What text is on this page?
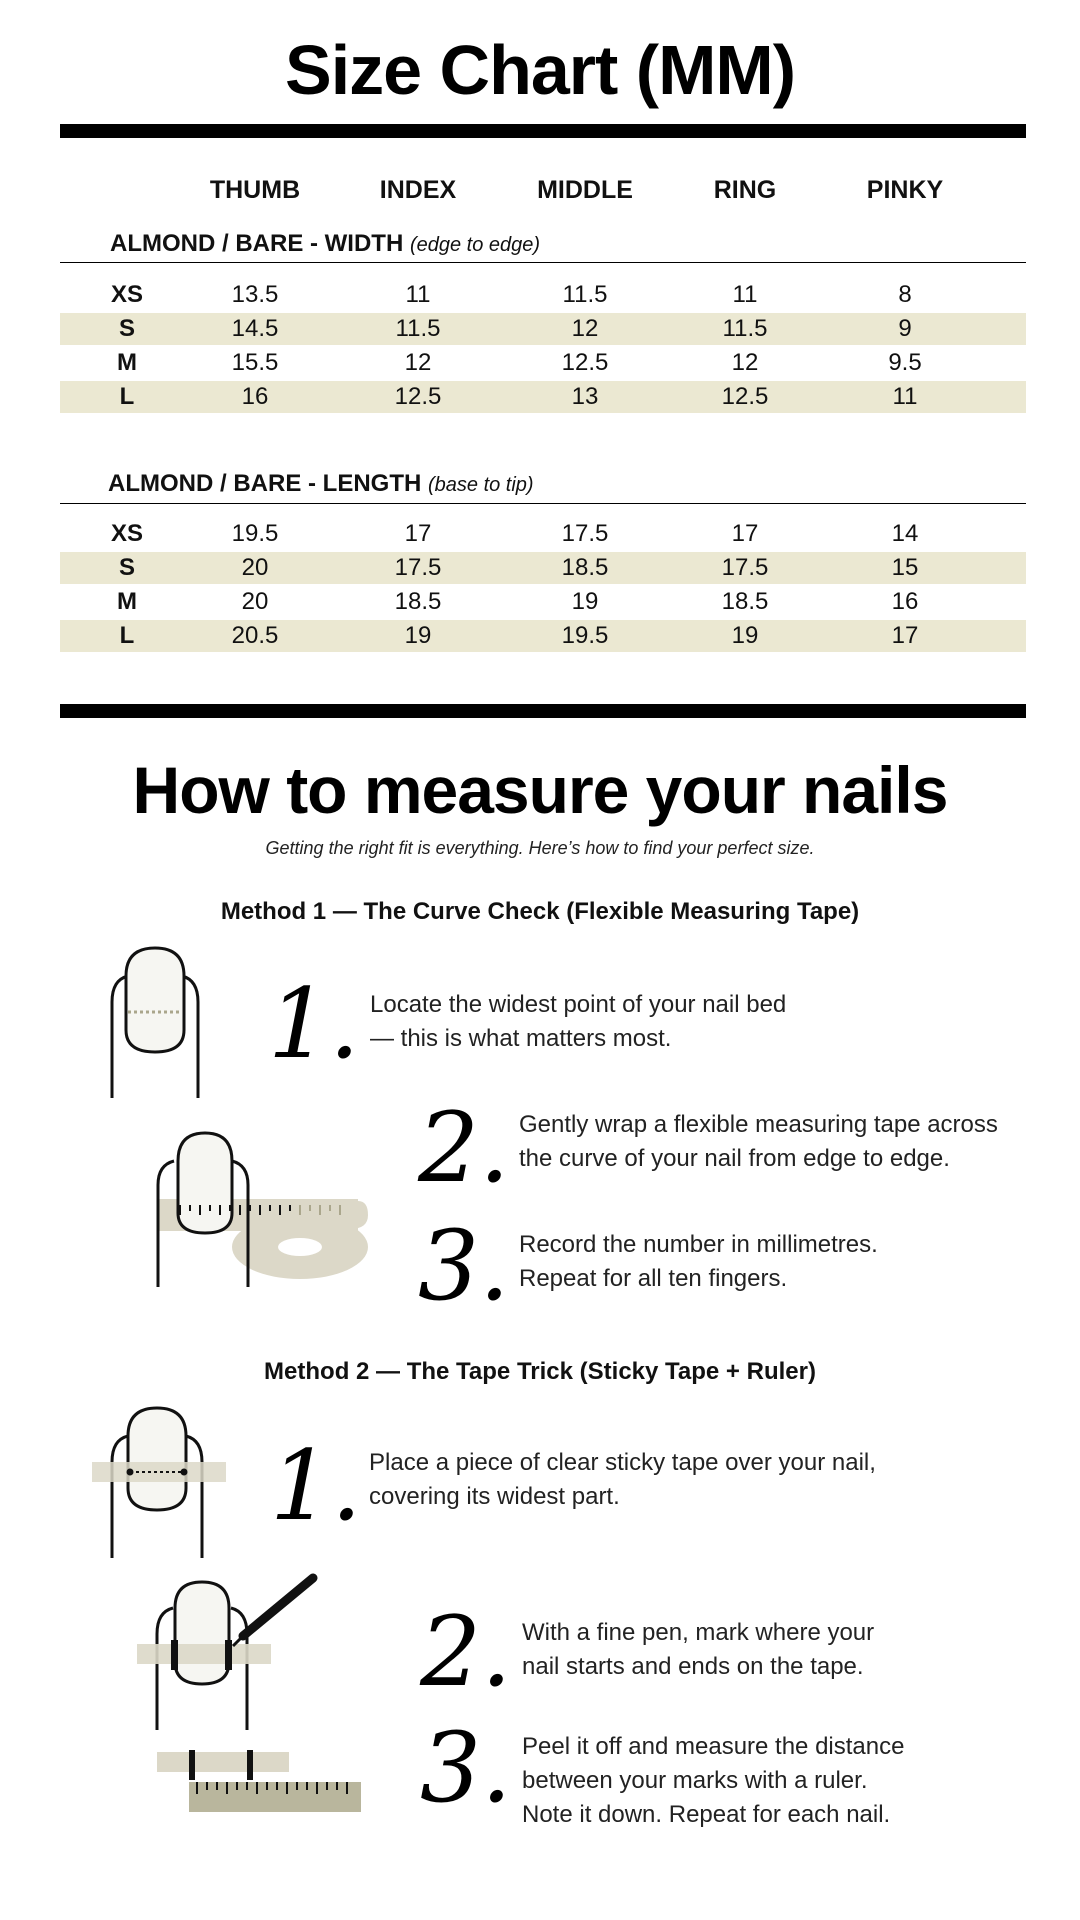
Size Chart (MM)
THUMB	INDEX	MIDDLE	RING	PINKY
ALMOND / BARE - WIDTH (edge to edge)
XS	13.5	11	11.5	11	8
S	14.5	11.5	12	11.5	9
M	15.5	12	12.5	12	9.5
L	16	12.5	13	12.5	11
ALMOND / BARE - LENGTH (base to tip)
XS	19.5	17	17.5	17	14
S	20	17.5	18.5	17.5	15
M	20	18.5	19	18.5	16
L	20.5	19	19.5	19	17
How to measure your nails
Getting the right fit is everything. Here’s how to find your perfect size.
Method 1 — The Curve Check (Flexible Measuring Tape)
1. Locate the widest point of your nail bed
— this is what matters most.
2. Gently wrap a flexible measuring tape across
the curve of your nail from edge to edge.
3. Record the number in millimetres.
Repeat for all ten fingers.
Method 2 — The Tape Trick (Sticky Tape + Ruler)
1. Place a piece of clear sticky tape over your nail,
covering its widest part.
2. With a fine pen, mark where your
nail starts and ends on the tape.
3. Peel it off and measure the distance
between your marks with a ruler.
Note it down. Repeat for each nail.
